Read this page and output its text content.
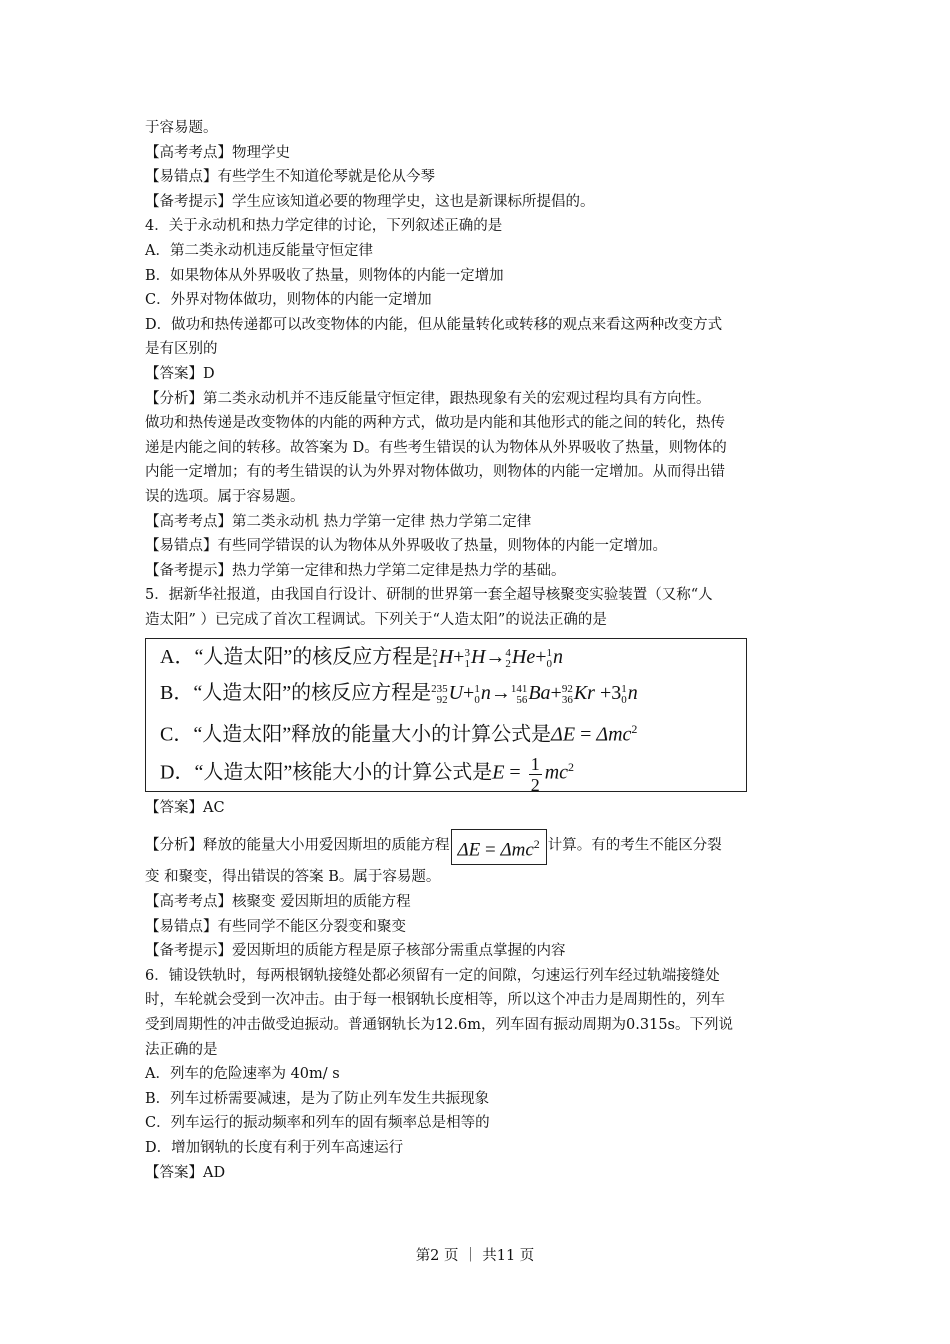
于容易题。
【高考考点】物理学史
【易错点】有些学生不知道伦琴就是伦从今琴
【备考提示】学生应该知道必要的物理学史，这也是新课标所提倡的。
4．关于永动机和热力学定律的讨论，下列叙述正确的是
A．第二类永动机违反能量守恒定律
B．如果物体从外界吸收了热量，则物体的内能一定增加
C．外界对物体做功，则物体的内能一定增加
D．做功和热传递都可以改变物体的内能，但从能量转化或转移的观点来看这两种改变方式
是有区别的
【答案】D
【分析】第二类永动机并不违反能量守恒定律，跟热现象有关的宏观过程均具有方向性。
做功和热传递是改变物体的内能的两种方式，做功是内能和其他形式的能之间的转化，热传
递是内能之间的转移。故答案为 D。有些考生错误的认为物体从外界吸收了热量，则物体的
内能一定增加；有的考生错误的认为外界对物体做功，则物体的内能一定增加。从而得出错
误的选项。属于容易题。
【高考考点】第二类永动机 热力学第一定律 热力学第二定律
【易错点】有些同学错误的认为物体从外界吸收了热量，则物体的内能一定增加。
【备考提示】热力学第一定律和热力学第二定律是热力学的基础。
5．据新华社报道，由我国自行设计、研制的世界第一套全超导核聚变实验装置（又称“人
造太阳” ）已完成了首次工程调试。下列关于“人造太阳”的说法正确的是
A．“人造太阳”的核反应方程是 2
1 H+ 3
1 H→ 4
2 He+ 1
0 n
B．“人造太阳”的核反应方程是 235
92 U+ 1
0 n→ 141
56 Ba+ 92
36 Kr +3 1
0 n
C．“人造太阳”释放的能量大小的计算公式是ΔE = Δmc$^2$
D．“人造太阳”核能大小的计算公式是$E = \frac{1}{2} mc^2$
【答案】AC
【分析】释放的能量大小用爱因斯坦的质能方程 ΔE = Δmc$^2$ 计算。有的考生不能区分裂
变 和聚变，得出错误的答案 B。属于容易题。
【高考考点】核聚变 爱因斯坦的质能方程
【易错点】有些同学不能区分裂变和聚变
【备考提示】爱因斯坦的质能方程是原子核部分需重点掌握的内容
6．铺设铁轨时，每两根钢轨接缝处都必须留有一定的间隙，匀速运行列车经过轨端接缝处
时，车轮就会受到一次冲击。由于每一根钢轨长度相等，所以这个冲击力是周期性的，列车
受到周期性的冲击做受迫振动。普通钢轨长为12.6m，列车固有振动周期为0.315s。下列说
法正确的是
A．列车的危险速率为 40m/ s
B．列车过桥需要减速，是为了防止列车发生共振现象
C．列车运行的振动频率和列车的固有频率总是相等的
D．增加钢轨的长度有利于列车高速运行
【答案】AD
第2 页 ｜ 共11 页
